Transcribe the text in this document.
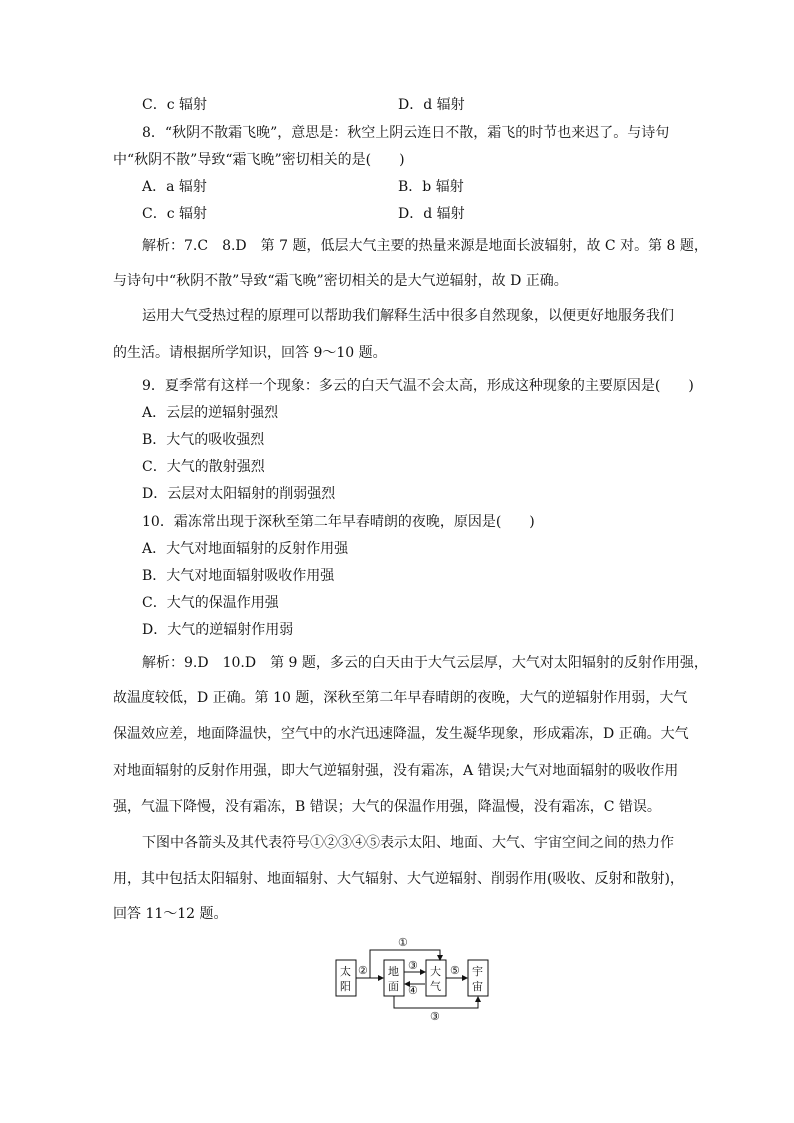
C．c 辐射	D．d 辐射
8．“秋阴不散霜飞晚”，意思是：秋空上阴云连日不散，霜飞的时节也来迟了。与诗句
中“秋阴不散”导致“霜飞晚”密切相关的是(　　)
A．a 辐射	B．b 辐射
C．c 辐射	D．d 辐射
解析：7.C　8.D　第 7 题，低层大气主要的热量来源是地面长波辐射，故 C 对。第 8 题，
与诗句中“秋阴不散”导致“霜飞晚”密切相关的是大气逆辐射，故 D 正确。
运用大气受热过程的原理可以帮助我们解释生活中很多自然现象，以便更好地服务我们
的生活。请根据所学知识，回答 9～10 题。
9．夏季常有这样一个现象：多云的白天气温不会太高，形成这种现象的主要原因是(　　)
A．云层的逆辐射强烈
B．大气的吸收强烈
C．大气的散射强烈
D．云层对太阳辐射的削弱强烈
10．霜冻常出现于深秋至第二年早春晴朗的夜晚，原因是(　　)
A．大气对地面辐射的反射作用强
B．大气对地面辐射吸收作用强
C．大气的保温作用强
D．大气的逆辐射作用弱
解析：9.D　10.D　第 9 题，多云的白天由于大气云层厚，大气对太阳辐射的反射作用强，
故温度较低，D 正确。第 10 题，深秋至第二年早春晴朗的夜晚，大气的逆辐射作用弱，大气
保温效应差，地面降温快，空气中的水汽迅速降温，发生凝华现象，形成霜冻，D 正确。大气
对地面辐射的反射作用强，即大气逆辐射强，没有霜冻，A 错误;大气对地面辐射的吸收作用
强，气温下降慢，没有霜冻，B 错误；大气的保温作用强，降温慢，没有霜冻，C 错误。
下图中各箭头及其代表符号①②③④⑤表示太阳、地面、大气、宇宙空间之间的热力作
用，其中包括太阳辐射、地面辐射、大气辐射、大气逆辐射、削弱作用(吸收、反射和散射)，
回答 11～12 题。
太
阳
地
面
大
气
宇
宙
①
②	③
④
⑤
③
